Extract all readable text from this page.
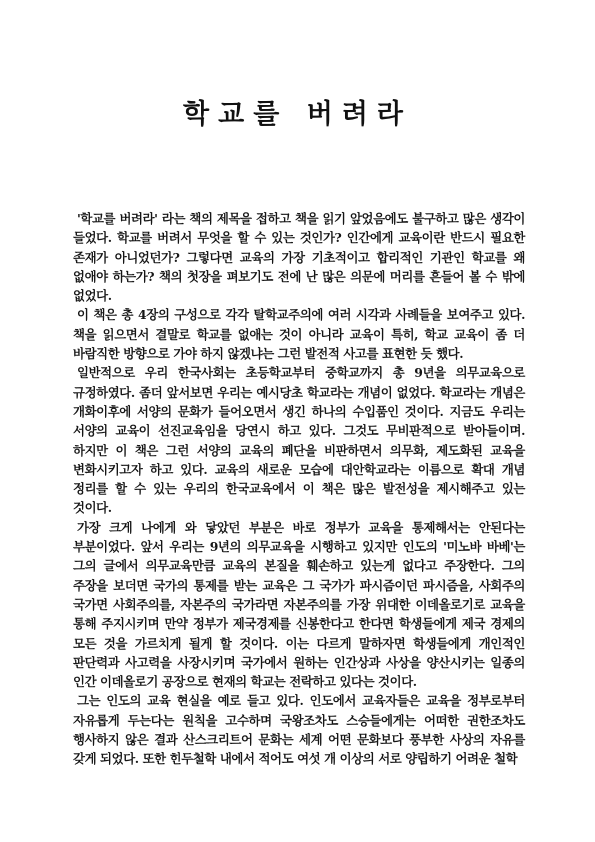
학교를 버려라

'학교를 버려라' 라는 책의 제목을 접하고 책을 읽기 앞었음에도 불구하고 많은 생각이 들었다. 학교를 버려서 무엇을 할 수 있는 것인가? 인간에게 교육이란 반드시 필요한 존재가 아니었던가? 그렇다면 교육의 가장 기초적이고 합리적인 기관인 학교를 왜 없애야 하는가? 책의 첫장을 펴보기도 전에 난 많은 의문에 머리를 흔들어 볼 수 밖에 없었다.

이 책은 총 4장의 구성으로 각각 탈학교주의에 여러 시각과 사례들을 보여주고 있다. 책을 읽으면서 결말로 학교를 없애는 것이 아니라 교육이 특히, 학교 교육이 좀 더 바람직한 방향으로 가야 하지 않겠냐는 그런 발전적 사고를 표현한 듯 했다.

일반적으로 우리 한국사회는 초등학교부터 중학교까지 총 9년을 의무교육으로 규정하였다. 좀더 앞서보면 우리는 예시당초 학교라는 개념이 없었다. 학교라는 개념은 개화이후에 서양의 문화가 들어오면서 생긴 하나의 수입품인 것이다. 지금도 우리는 서양의 교육이 선진교육임을 당연시 하고 있다. 그것도 무비판적으로 받아들이며. 하지만 이 책은 그런 서양의 교육의 폐단을 비판하면서 의무화, 제도화된 교육을 변화시키고자 하고 있다. 교육의 새로운 모습에 대안학교라는 이름으로 확대 개념 정리를 할 수 있는 우리의 한국교육에서 이 책은 많은 발전성을 제시해주고 있는 것이다.

가장 크게 나에게 와 닿았던 부분은 바로 정부가 교육을 통제해서는 안된다는 부분이었다. 앞서 우리는 9년의 의무교육을 시행하고 있지만 인도의 '미노바 바베'는 그의 글에서 의무교육만큼 교육의 본질을 훼손하고 있는게 없다고 주장한다. 그의 주장을 보더면 국가의 통제를 받는 교육은 그 국가가 파시즘이던 파시즘을, 사회주의 국가면 사회주의를, 자본주의 국가라면 자본주의를 가장 위대한 이데올로기로 교육을 통해 주지시키며 만약 정부가 제국경제를 신봉한다고 한다면 학생들에게 제국 경제의 모든 것을 가르치게 될게 할 것이다. 이는 다르게 말하자면 학생들에게 개인적인 판단력과 사고력을 사장시키며 국가에서 원하는 인간상과 사상을 양산시키는 일종의 인간 이데올로기 공장으로 현재의 학교는 전락하고 있다는 것이다.

그는 인도의 교육 현실을 예로 들고 있다. 인도에서 교육자들은 교육을 정부로부터 자유롭게 두는다는 원칙을 고수하며 국왕조차도 스승들에게는 어떠한 권한조차도 행사하지 않은 결과 산스크리트어 문화는 세계 어떤 문화보다 풍부한 사상의 자유를 갖게 되었다. 또한 힌두철학 내에서 적어도 여섯 개 이상의 서로 양립하기 어려운 철학
